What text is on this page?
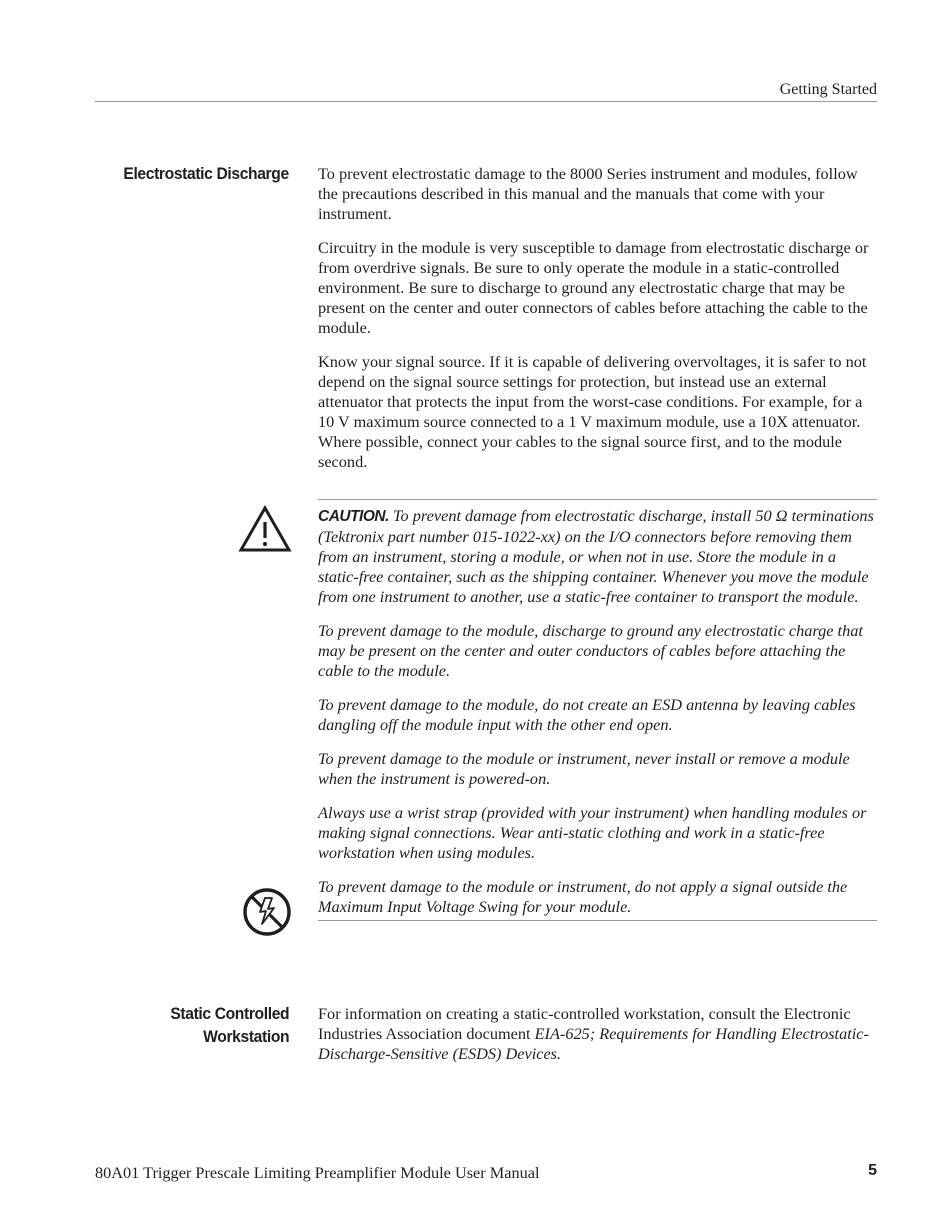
Getting Started
Electrostatic Discharge To prevent electrostatic damage to the 8000 Series instrument and modules, follow the precautions described in this manual and the manuals that come with your instrument.

Circuitry in the module is very susceptible to damage from electrostatic discharge or from overdrive signals. Be sure to only operate the module in a static-controlled environment. Be sure to discharge to ground any electrostatic charge that may be present on the center and outer connectors of cables before attaching the cable to the module.

Know your signal source. If it is capable of delivering overvoltages, it is safer to not depend on the signal source settings for protection, but instead use an external attenuator that protects the input from the worst-case conditions. For example, for a 10 V maximum source connected to a 1 V maximum module, use a 10X attenuator. Where possible, connect your cables to the signal source first, and to the module second.

CAUTION. To prevent damage from electrostatic discharge, install 50 Ω terminations (Tektronix part number 015-1022-xx) on the I/O connectors before removing them from an instrument, storing a module, or when not in use. Store the module in a static-free container, such as the shipping container. Whenever you move the module from one instrument to another, use a static-free container to transport the module.

To prevent damage to the module, discharge to ground any electrostatic charge that may be present on the center and outer conductors of cables before attaching the cable to the module.

To prevent damage to the module, do not create an ESD antenna by leaving cables dangling off the module input with the other end open.

To prevent damage to the module or instrument, never install or remove a module when the instrument is powered-on.

Always use a wrist strap (provided with your instrument) when handling modules or making signal connections. Wear anti-static clothing and work in a static-free workstation when using modules.

To prevent damage to the module or instrument, do not apply a signal outside the Maximum Input Voltage Swing for your module.

Static Controlled
Workstation

For information on creating a static-controlled workstation, consult the Electronic Industries Association document EIA-625; Requirements for Handling Electrostatic-Discharge-Sensitive (ESDS) Devices.

80A01 Trigger Prescale Limiting Preamplifier Module User Manual	5
